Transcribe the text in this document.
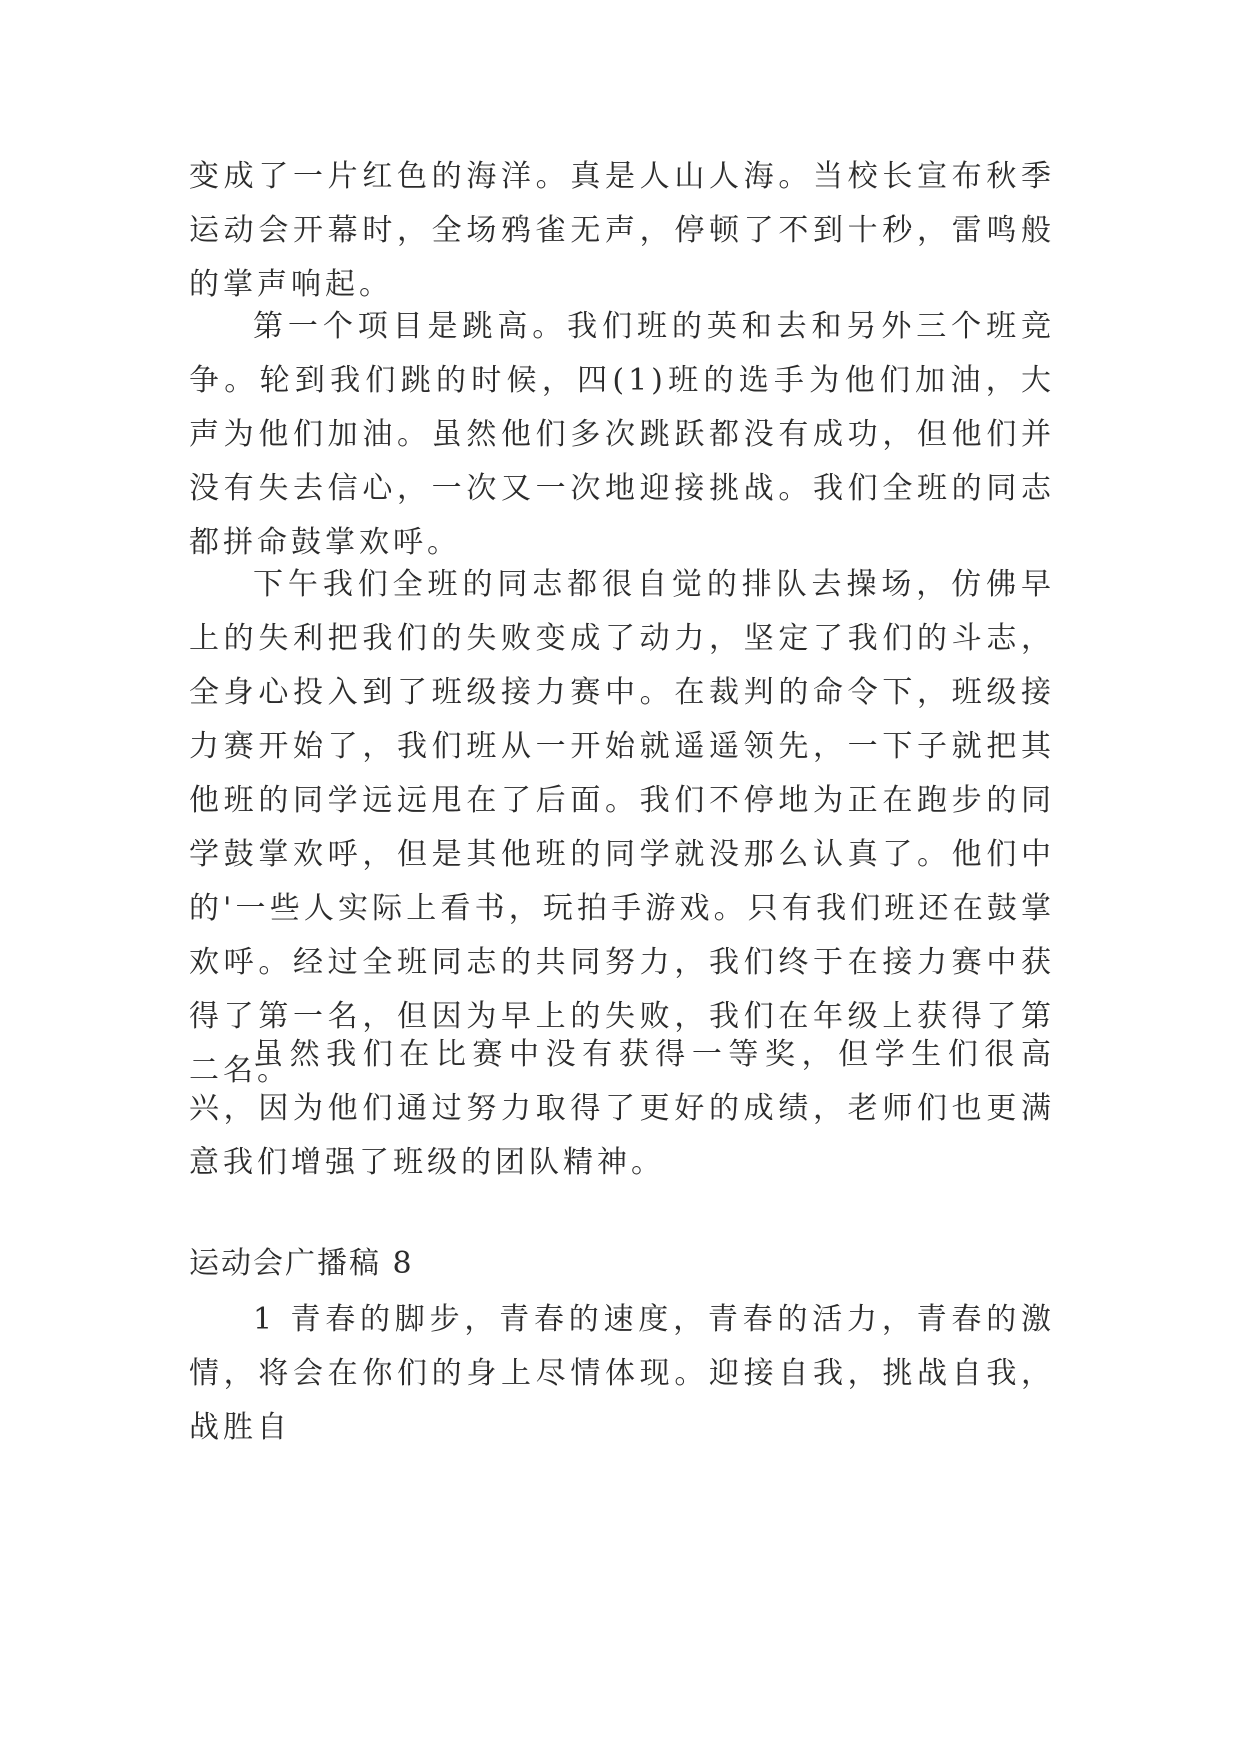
变成了一片红色的海洋。真是人山人海。当校长宣布秋季运动会开幕时，全场鸦雀无声，停顿了不到十秒，雷鸣般的掌声响起。

第一个项目是跳高。我们班的英和去和另外三个班竞争。轮到我们跳的时候，四(1)班的选手为他们加油，大声为他们加油。虽然他们多次跳跃都没有成功，但他们并没有失去信心，一次又一次地迎接挑战。我们全班的同志都拼命鼓掌欢呼。

下午我们全班的同志都很自觉的排队去操场，仿佛早上的失利把我们的失败变成了动力，坚定了我们的斗志，全身心投入到了班级接力赛中。在裁判的命令下，班级接力赛开始了，我们班从一开始就遥遥领先，一下子就把其他班的同学远远甩在了后面。我们不停地为正在跑步的同学鼓掌欢呼，但是其他班的同学就没那么认真了。他们中的'一些人实际上看书，玩拍手游戏。只有我们班还在鼓掌欢呼。经过全班同志的共同努力，我们终于在接力赛中获得了第一名，但因为早上的失败，我们在年级上获得了第二名。

虽然我们在比赛中没有获得一等奖，但学生们很高兴，因为他们通过努力取得了更好的成绩，老师们也更满意我们增强了班级的团队精神。

运动会广播稿 8

1 青春的脚步，青春的速度，青春的活力，青春的激情，将会在你们的身上尽情体现。迎接自我，挑战自我，战胜自
